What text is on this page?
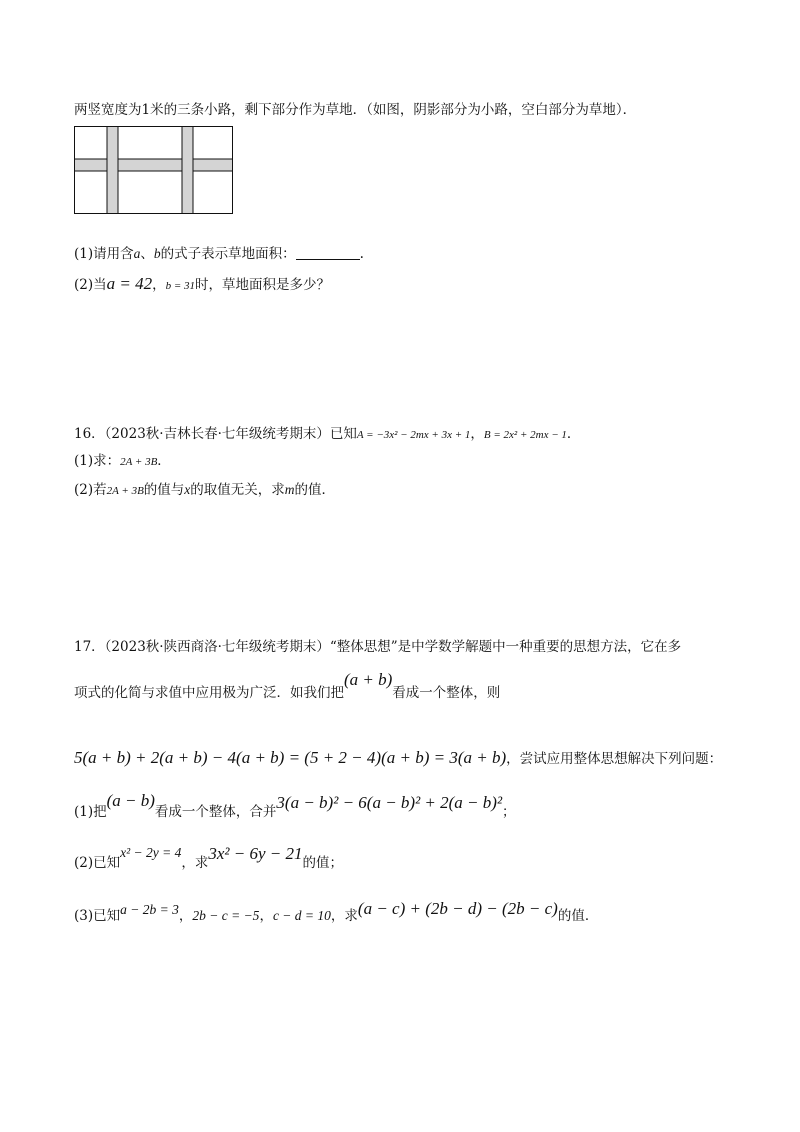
两竖宽度为1米的三条小路，剩下部分作为草地．（如图，阴影部分为小路，空白部分为草地）．
(1)请用含a、b的式子表示草地面积：	.
(2)当a = 42，b = 31时，草地面积是多少？
16．（2023秋·吉林长春·七年级统考期末）已知A = −3x² − 2mx + 3x + 1，B = 2x² + 2mx − 1．
(1)求：2A + 3B．
(2)若2A + 3B的值与x的取值无关，求m的值．
17．（2023秋·陕西商洛·七年级统考期末）“整体思想”是中学数学解题中一种重要的思想方法，它在多
项式的化简与求值中应用极为广泛．如我们把(a + b)看成一个整体，则
5(a + b) + 2(a + b) − 4(a + b) = (5 + 2 − 4)(a + b) = 3(a + b)，尝试应用整体思想解决下列问题：
(1)把(a − b)看成一个整体，合并3(a − b)² − 6(a − b)² + 2(a − b)²；
(2)已知x² − 2y = 4，求3x² − 6y − 21的值；
(3)已知a − 2b = 3，2b − c = −5，c − d = 10，求(a − c) + (2b − d) − (2b − c)的值．
